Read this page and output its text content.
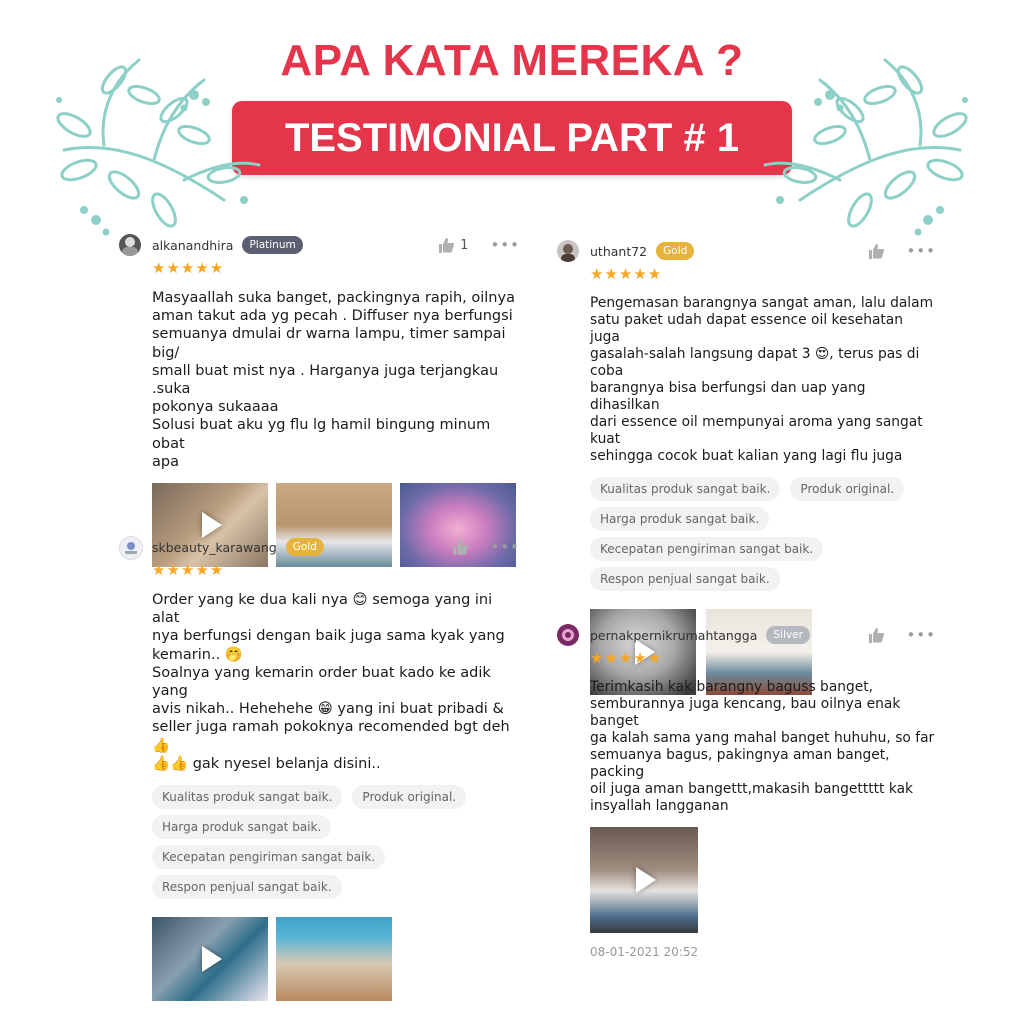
APA KATA MEREKA ?
TESTIMONIAL PART # 1
alkanandhira	Platinum	1 •••
★★★★★
Masyaallah suka banget, packingnya rapih, oilnya
aman takut ada yg pecah . Diffuser nya berfungsi
semuanya dmulai dr warna lampu, timer sampai big/
small buat mist nya . Harganya juga terjangkau .suka
pokonya sukaaaa
Solusi buat aku yg flu lg hamil bingung minum obat
apa
skbeauty_karawang	Gold	•••
★★★★★
Order yang ke dua kali nya 😊 semoga yang ini alat
nya berfungsi dengan baik juga sama kyak yang
kemarin.. 🤭
Soalnya yang kemarin order buat kado ke adik yang
avis nikah.. Hehehehe 😁 yang ini buat pribadi &
seller juga ramah pokoknya recomended bgt deh 👍
👍👍 gak nyesel belanja disini..
Kualitas produk sangat baik.	Produk original.
Harga produk sangat baik.
Kecepatan pengiriman sangat baik.
Respon penjual sangat baik.
uthant72	Gold	•••
★★★★★
Pengemasan barangnya sangat aman, lalu dalam
satu paket udah dapat essence oil kesehatan juga
gasalah-salah langsung dapat 3 😍, terus pas di coba
barangnya bisa berfungsi dan uap yang dihasilkan
dari essence oil mempunyai aroma yang sangat kuat
sehingga cocok buat kalian yang lagi flu juga
Kualitas produk sangat baik.	Produk original.
Harga produk sangat baik.
Kecepatan pengiriman sangat baik.
Respon penjual sangat baik.
pernakpernikrumahtangga	Silver	•••
★★★★★
Terimkasih kak barangny baguss banget,
semburannya juga kencang, bau oilnya enak banget
ga kalah sama yang mahal banget huhuhu, so far
semuanya bagus, pakingnya aman banget, packing
oil juga aman bangettt,makasih bangettttt kak
insyallah langganan
08-01-2021 20:52
